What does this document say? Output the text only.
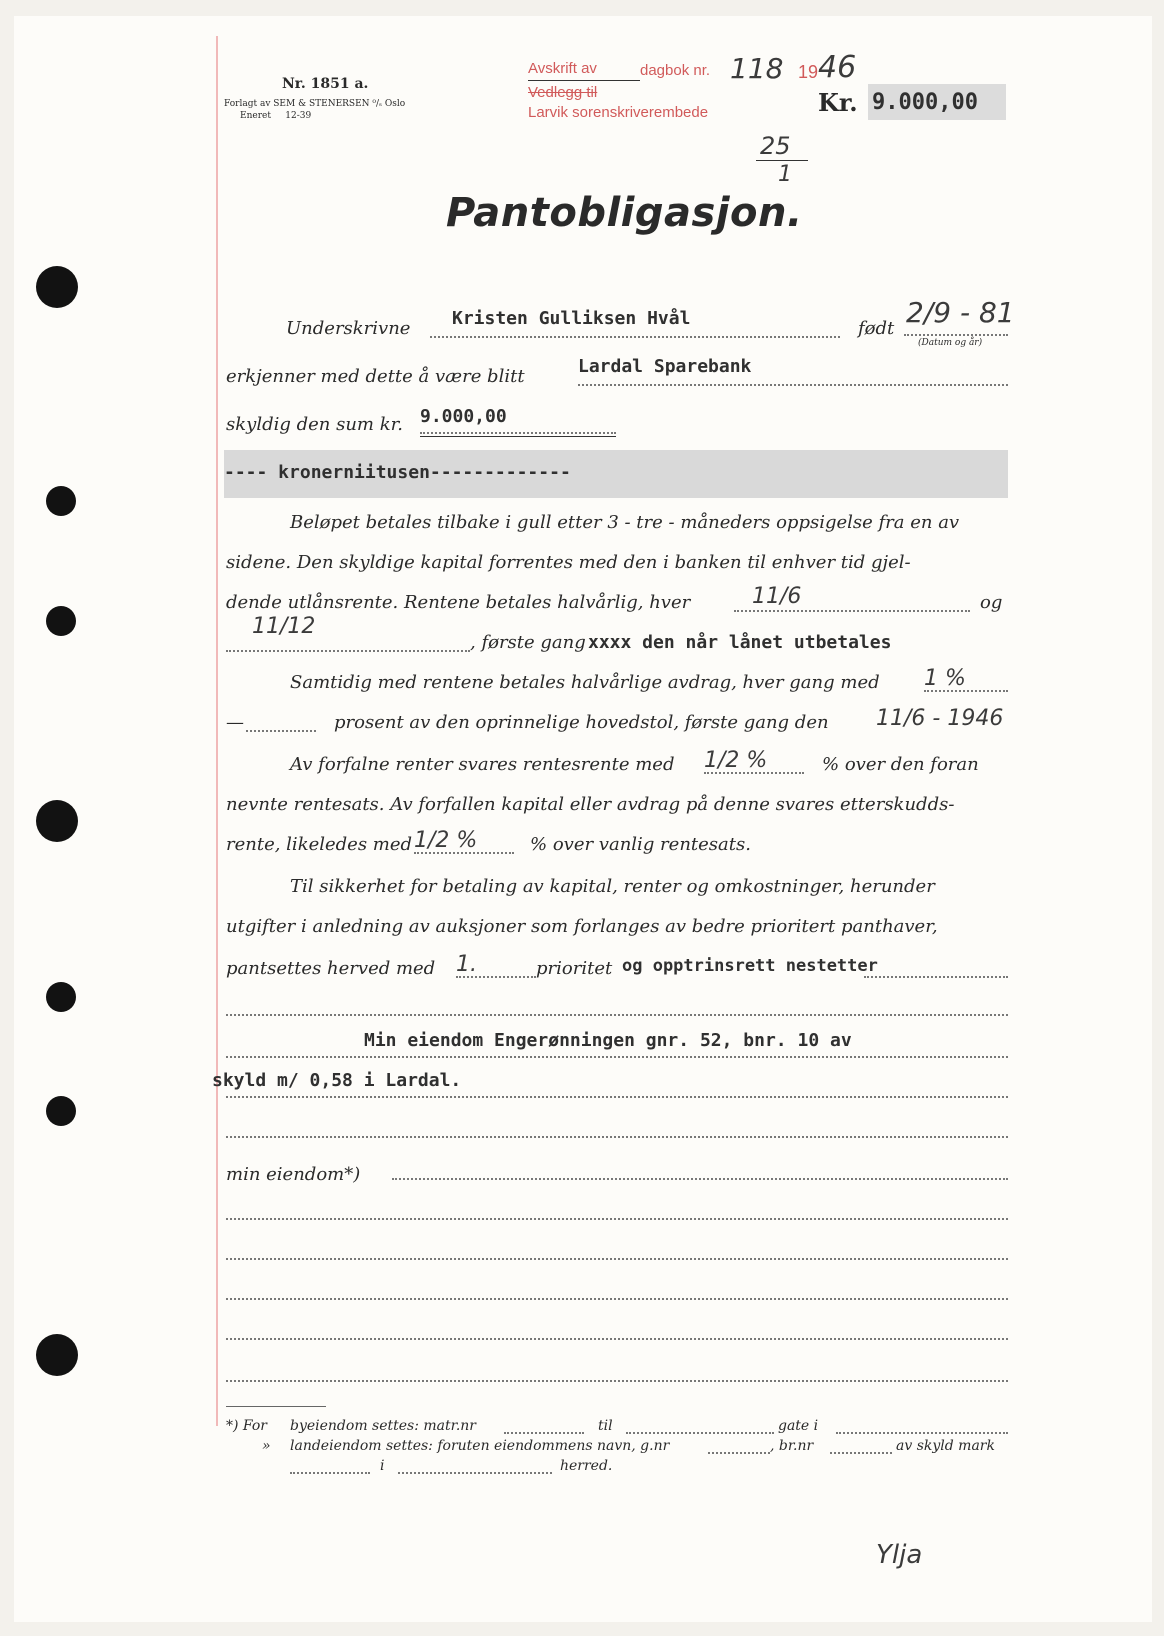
Nr. 1851 a.
Forlagt av SEM & STENERSEN ⁰/ₛ Oslo
Eneret 12-39
Avskrift av	dagbok nr. 118 19 46
Vedlegg til
Larvik sorenskriverembede	Kr. 9.000,00
25
1
Pantobligasjon.
Underskrivne Kristen Gulliksen Hvål	født 2/9 - 81
(Datum og år)
erkjenner med dette å være blitt	Lardal Sparebank
skyldig den sum kr. 9.000,00
---- kronerniitusen-------------
Beløpet betales tilbake i gull etter 3 - tre - måneders oppsigelse fra en av
sidene. Den skyldige kapital forrentes med den i banken til enhver tid gjel-
dende utlånsrente. Rentene betales halvårlig, hver	11/6	og
11/12
, første gang xxxx den når lånet utbetales
Samtidig med rentene betales halvårlige avdrag, hver gang med 1 %
—	prosent av den oprinnelige hovedstol, første gang den 11/6 - 1946
Av forfalne renter svares rentesrente med 1/2 %	% over den foran
nevnte rentesats. Av forfallen kapital eller avdrag på denne svares etterskudds-
rente, likeledes med 1/2 %	% over vanlig rentesats.
Til sikkerhet for betaling av kapital, renter og omkostninger, herunder
utgifter i anledning av auksjoner som forlanges av bedre prioritert panthaver,
pantsettes herved med 1.	prioritet og opptrinsrett nestetter
Min eiendom Engerønningen gnr. 52, bnr. 10 av
skyld m/ 0,58 i Lardal.
min eiendom*)
*) For byeiendom settes: matr.nr	til	gate i
» landeiendom settes: foruten eiendommens navn, g.nr	, br.nr	av skyld mark
i	herred.
Ylja
